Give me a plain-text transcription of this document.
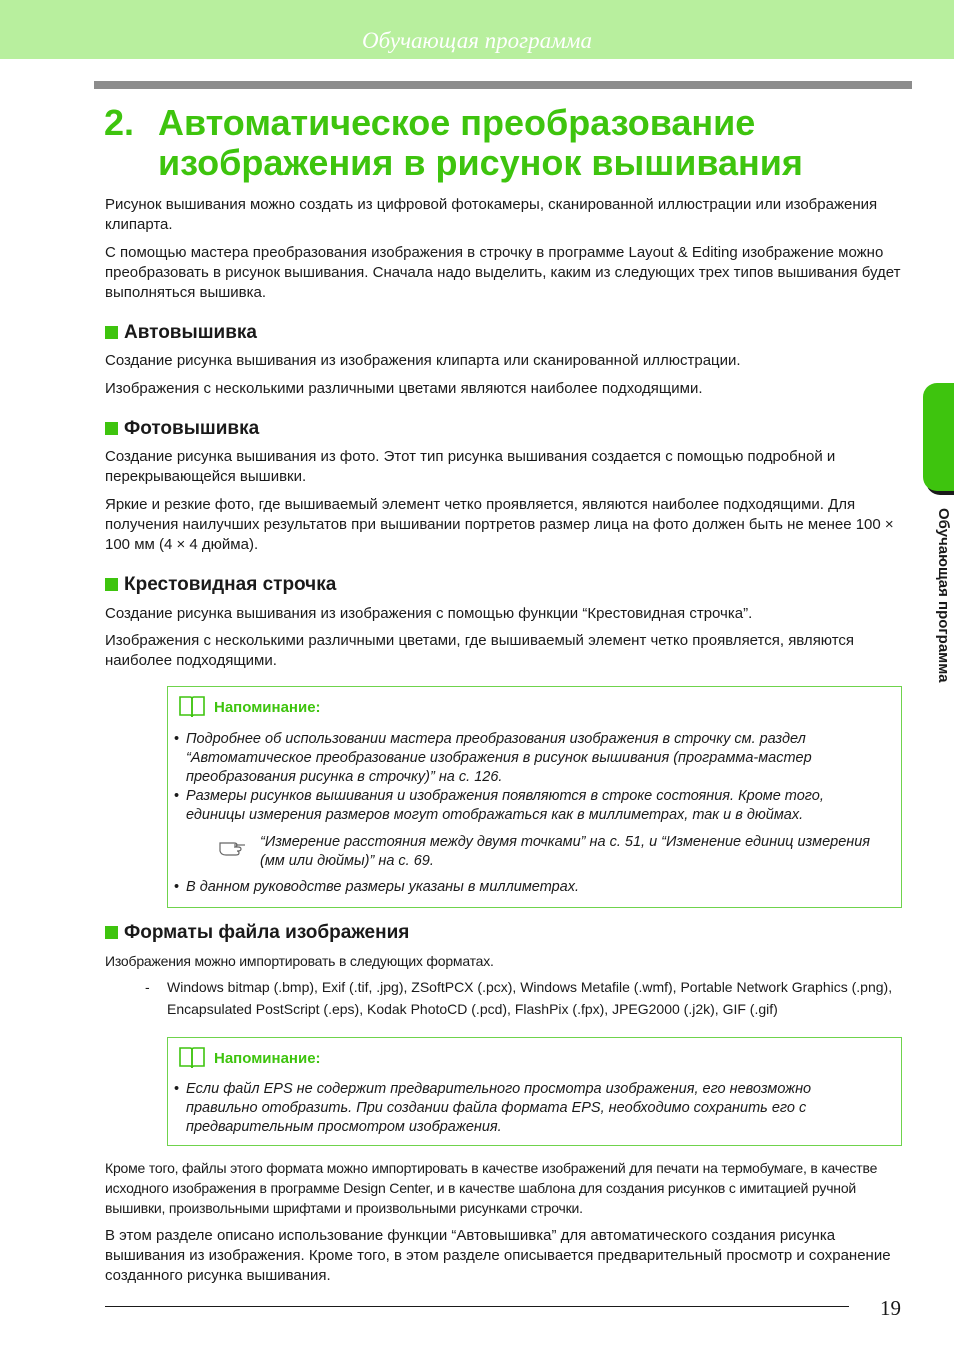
Обучающая программа
2. Автоматическое преобразование
изображения в рисунок вышивания

Рисунок вышивания можно создать из цифровой фотокамеры, сканированной иллюстрации или изображения клипарта.

С помощью мастера преобразования изображения в строчку в программе Layout & Editing изображение можно преобразовать в рисунок вышивания. Сначала надо выделить, каким из следующих трех типов вышивания будет выполняться вышивка.

Автовышивка

Создание рисунка вышивания из изображения клипарта или сканированной иллюстрации.

Изображения с несколькими различными цветами являются наиболее подходящими.

Фотовышивка

Создание рисунка вышивания из фото. Этот тип рисунка вышивания создается с помощью подробной и перекрывающейся вышивки.

Яркие и резкие фото, где вышиваемый элемент четко проявляется, являются наиболее подходящими. Для получения наилучших результатов при вышивании портретов размер лица на фото должен быть не менее 100 × 100 мм (4 × 4 дюйма).

Крестовидная строчка

Создание рисунка вышивания из изображения с помощью функции “Крестовидная строчка”.

Изображения с несколькими различными цветами, где вышиваемый элемент четко проявляется, являются наиболее подходящими.

Напоминание:

• Подробнее об использовании мастера преобразования изображения в строчку см. раздел “Автоматическое преобразование изображения в рисунок вышивания (программа-мастер преобразования рисунка в строчку)” на с. 126.

• Размеры рисунков вышивания и изображения появляются в строке состояния. Кроме того, единицы измерения размеров могут отображаться как в миллиметрах, так и в дюймах.

“Измерение расстояния между двумя точками” на с. 51, и “Изменение единиц измерения (мм или дюймы)” на с. 69.

• В данном руководстве размеры указаны в миллиметрах.

Форматы файла изображения

Изображения можно импортировать в следующих форматах.

- Windows bitmap (.bmp), Exif (.tif, .jpg), ZSoftPCX (.pcx), Windows Metafile (.wmf), Portable Network Graphics (.png), Encapsulated PostScript (.eps), Kodak PhotoCD (.pcd), FlashPix (.fpx), JPEG2000 (.j2k), GIF (.gif)

Напоминание:

• Если файл EPS не содержит предварительного просмотра изображения, его невозможно правильно отобразить. При создании файла формата EPS, необходимо сохранить его с предварительным просмотром изображения.

Кроме того, файлы этого формата можно импортировать в качестве изображений для печати на термобумаге, в качестве исходного изображения в программе Design Center, и в качестве шаблона для создания рисунков с имитацией ручной вышивки, произвольными шрифтами и произвольными рисунками строчки.

В этом разделе описано использование функции “Автовышивка” для автоматического создания рисунка вышивания из изображения. Кроме того, в этом разделе описывается предварительный просмотр и сохранение созданного рисунка вышивания.

Обучающая программа
19
